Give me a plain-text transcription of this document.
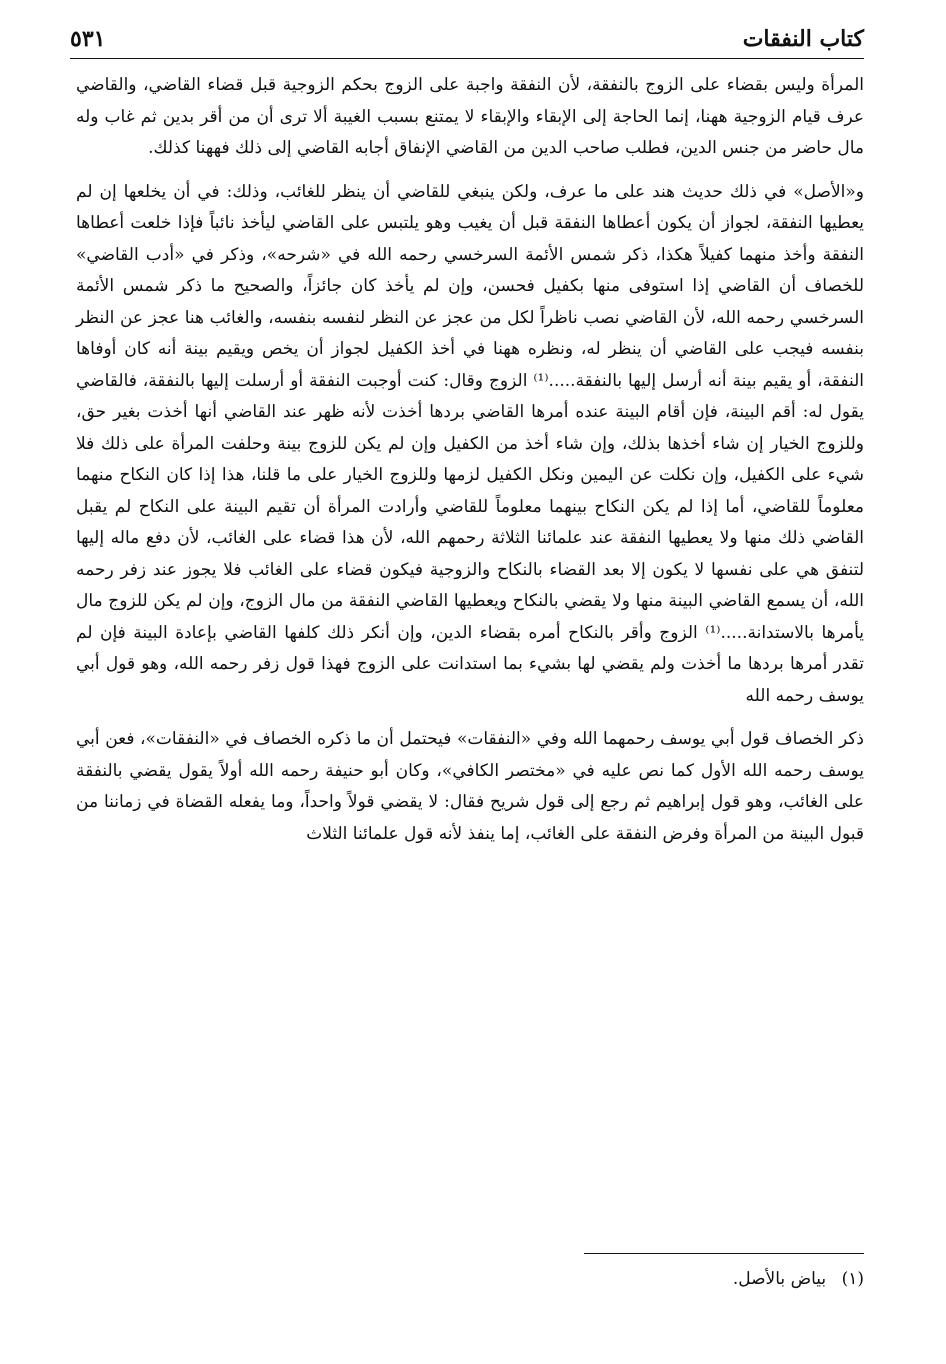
كتاب النفقات
٥٣١

المرأة وليس بقضاء على الزوج بالنفقة، لأن النفقة واجبة على الزوج بحكم الزوجية قبل قضاء القاضي، والقاضي عرف قيام الزوجية ههنا، إنما الحاجة إلى الإبقاء والإبقاء لا يمتنع بسبب الغيبة ألا ترى أن من أقر بدين ثم غاب وله مال حاضر من جنس الدين، فطلب صاحب الدين من القاضي الإنفاق أجابه القاضي إلى ذلك فههنا كذلك.

و«الأصل» في ذلك حديث هند على ما عرف، ولكن ينبغي للقاضي أن ينظر للغائب، وذلك: في أن يخلعها إن لم يعطيها النفقة، لجواز أن يكون أعطاها النفقة قبل أن يغيب وهو يلتبس على القاضي ليأخذ نائباً فإذا خلعت أعطاها النفقة وأخذ منهما كفيلاً هكذا، ذكر شمس الأئمة السرخسي رحمه الله في «شرحه»، وذكر في «أدب القاضي» للخصاف أن القاضي إذا استوفى منها بكفيل فحسن، وإن لم يأخذ كان جائزاً، والصحيح ما ذكر شمس الأئمة السرخسي رحمه الله، لأن القاضي نصب ناظراً لكل من عجز عن النظر لنفسه بنفسه، والغائب هنا عجز عن النظر بنفسه فيجب على القاضي أن ينظر له، ونظره ههنا في أخذ الكفيل لجواز أن يخص ويقيم بينة أنه كان أوفاها النفقة، أو يقيم بينة أنه أرسل إليها بالنفقة.....⁽¹⁾ الزوج وقال: كنت أوجبت النفقة أو أرسلت إليها بالنفقة، فالقاضي يقول له: أقم البينة، فإن أقام البينة عنده أمرها القاضي بردها أخذت لأنه ظهر عند القاضي أنها أخذت بغير حق، وللزوج الخيار إن شاء أخذها بذلك، وإن شاء أخذ من الكفيل وإن لم يكن للزوج بينة وحلفت المرأة على ذلك فلا شيء على الكفيل، وإن نكلت عن اليمين ونكل الكفيل لزمها وللزوج الخيار على ما قلنا، هذا إذا كان النكاح منهما معلوماً للقاضي، أما إذا لم يكن النكاح بينهما معلوماً للقاضي وأرادت المرأة أن تقيم البينة على النكاح لم يقبل القاضي ذلك منها ولا يعطيها النفقة عند علمائنا الثلاثة رحمهم الله، لأن هذا قضاء على الغائب، لأن دفع ماله إليها لتنفق هي على نفسها لا يكون إلا بعد القضاء بالنكاح والزوجية فيكون قضاء على الغائب فلا يجوز عند زفر رحمه الله، أن يسمع القاضي البينة منها ولا يقضي بالنكاح ويعطيها القاضي النفقة من مال الزوج، وإن لم يكن للزوج مال يأمرها بالاستدانة.....⁽¹⁾ الزوج وأقر بالنكاح أمره بقضاء الدين، وإن أنكر ذلك كلفها القاضي بإعادة البينة فإن لم تقدر أمرها بردها ما أخذت ولم يقضي لها بشيء بما استدانت على الزوج فهذا قول زفر رحمه الله، وهو قول أبي يوسف رحمه الله

ذكر الخصاف قول أبي يوسف رحمهما الله وفي «النفقات» فيحتمل أن ما ذكره الخصاف في «النفقات»، فعن أبي يوسف رحمه الله الأول كما نص عليه في «مختصر الكافي»، وكان أبو حنيفة رحمه الله أولاً يقول يقضي بالنفقة على الغائب، وهو قول إبراهيم ثم رجع إلى قول شريح فقال: لا يقضي قولاً واحداً، وما يفعله القضاة في زماننا من قبول البينة من المرأة وفرض النفقة على الغائب، إما ينفذ لأنه قول علمائنا الثلاث

(١) بياض بالأصل.
